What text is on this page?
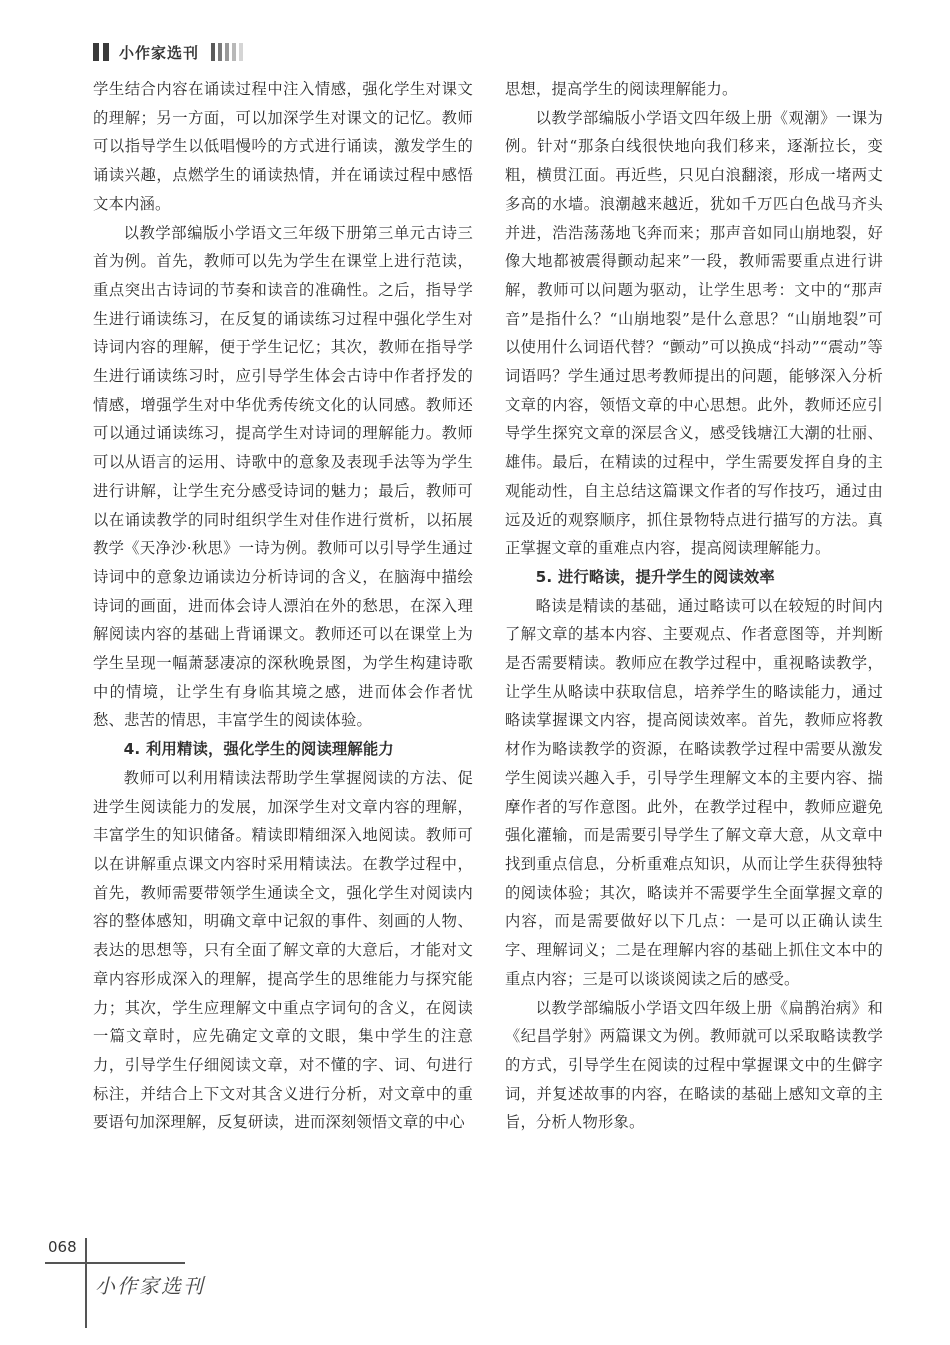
小作家选刊

学生结合内容在诵读过程中注入情感，强化学生对课文的理解；另一方面，可以加深学生对课文的记忆。教师可以指导学生以低唱慢吟的方式进行诵读，激发学生的诵读兴趣，点燃学生的诵读热情，并在诵读过程中感悟文本内涵。

以教学部编版小学语文三年级下册第三单元古诗三首为例。首先，教师可以先为学生在课堂上进行范读，重点突出古诗词的节奏和读音的准确性。之后，指导学生进行诵读练习，在反复的诵读练习过程中强化学生对诗词内容的理解，便于学生记忆；其次，教师在指导学生进行诵读练习时，应引导学生体会古诗中作者抒发的情感，增强学生对中华优秀传统文化的认同感。教师还可以通过诵读练习，提高学生对诗词的理解能力。教师可以从语言的运用、诗歌中的意象及表现手法等为学生进行讲解，让学生充分感受诗词的魅力；最后，教师可以在诵读教学的同时组织学生对佳作进行赏析，以拓展教学《天净沙·秋思》一诗为例。教师可以引导学生通过诗词中的意象边诵读边分析诗词的含义，在脑海中描绘诗词的画面，进而体会诗人漂泊在外的愁思，在深入理解阅读内容的基础上背诵课文。教师还可以在课堂上为学生呈现一幅萧瑟凄凉的深秋晚景图，为学生构建诗歌中的情境，让学生有身临其境之感，进而体会作者忧愁、悲苦的情思，丰富学生的阅读体验。

4. 利用精读，强化学生的阅读理解能力

教师可以利用精读法帮助学生掌握阅读的方法、促进学生阅读能力的发展，加深学生对文章内容的理解，丰富学生的知识储备。精读即精细深入地阅读。教师可以在讲解重点课文内容时采用精读法。在教学过程中，首先，教师需要带领学生通读全文，强化学生对阅读内容的整体感知，明确文章中记叙的事件、刻画的人物、表达的思想等，只有全面了解文章的大意后，才能对文章内容形成深入的理解，提高学生的思维能力与探究能力；其次，学生应理解文中重点字词句的含义，在阅读一篇文章时，应先确定文章的文眼，集中学生的注意力，引导学生仔细阅读文章，对不懂的字、词、句进行标注，并结合上下文对其含义进行分析，对文章中的重要语句加深理解，反复研读，进而深刻领悟文章的中心

思想，提高学生的阅读理解能力。

以教学部编版小学语文四年级上册《观潮》一课为例。针对“那条白线很快地向我们移来，逐渐拉长，变粗，横贯江面。再近些，只见白浪翻滚，形成一堵两丈多高的水墙。浪潮越来越近，犹如千万匹白色战马齐头并进，浩浩荡荡地飞奔而来；那声音如同山崩地裂，好像大地都被震得颤动起来”一段，教师需要重点进行讲解，教师可以问题为驱动，让学生思考：文中的“那声音”是指什么？“山崩地裂”是什么意思？“山崩地裂”可以使用什么词语代替？“颤动”可以换成“抖动”“震动”等词语吗？学生通过思考教师提出的问题，能够深入分析文章的内容，领悟文章的中心思想。此外，教师还应引导学生探究文章的深层含义，感受钱塘江大潮的壮丽、雄伟。最后，在精读的过程中，学生需要发挥自身的主观能动性，自主总结这篇课文作者的写作技巧，通过由远及近的观察顺序，抓住景物特点进行描写的方法。真正掌握文章的重难点内容，提高阅读理解能力。

5. 进行略读，提升学生的阅读效率

略读是精读的基础，通过略读可以在较短的时间内了解文章的基本内容、主要观点、作者意图等，并判断是否需要精读。教师应在教学过程中，重视略读教学，让学生从略读中获取信息，培养学生的略读能力，通过略读掌握课文内容，提高阅读效率。首先，教师应将教材作为略读教学的资源，在略读教学过程中需要从激发学生阅读兴趣入手，引导学生理解文本的主要内容、揣摩作者的写作意图。此外，在教学过程中，教师应避免强化灌输，而是需要引导学生了解文章大意，从文章中找到重点信息，分析重难点知识，从而让学生获得独特的阅读体验；其次，略读并不需要学生全面掌握文章的内容，而是需要做好以下几点：一是可以正确认读生字、理解词义；二是在理解内容的基础上抓住文本中的重点内容；三是可以谈谈阅读之后的感受。

以教学部编版小学语文四年级上册《扁鹊治病》和《纪昌学射》两篇课文为例。教师就可以采取略读教学的方式，引导学生在阅读的过程中掌握课文中的生僻字词，并复述故事的内容，在略读的基础上感知文章的主旨，分析人物形象。

068
小作家选刊
